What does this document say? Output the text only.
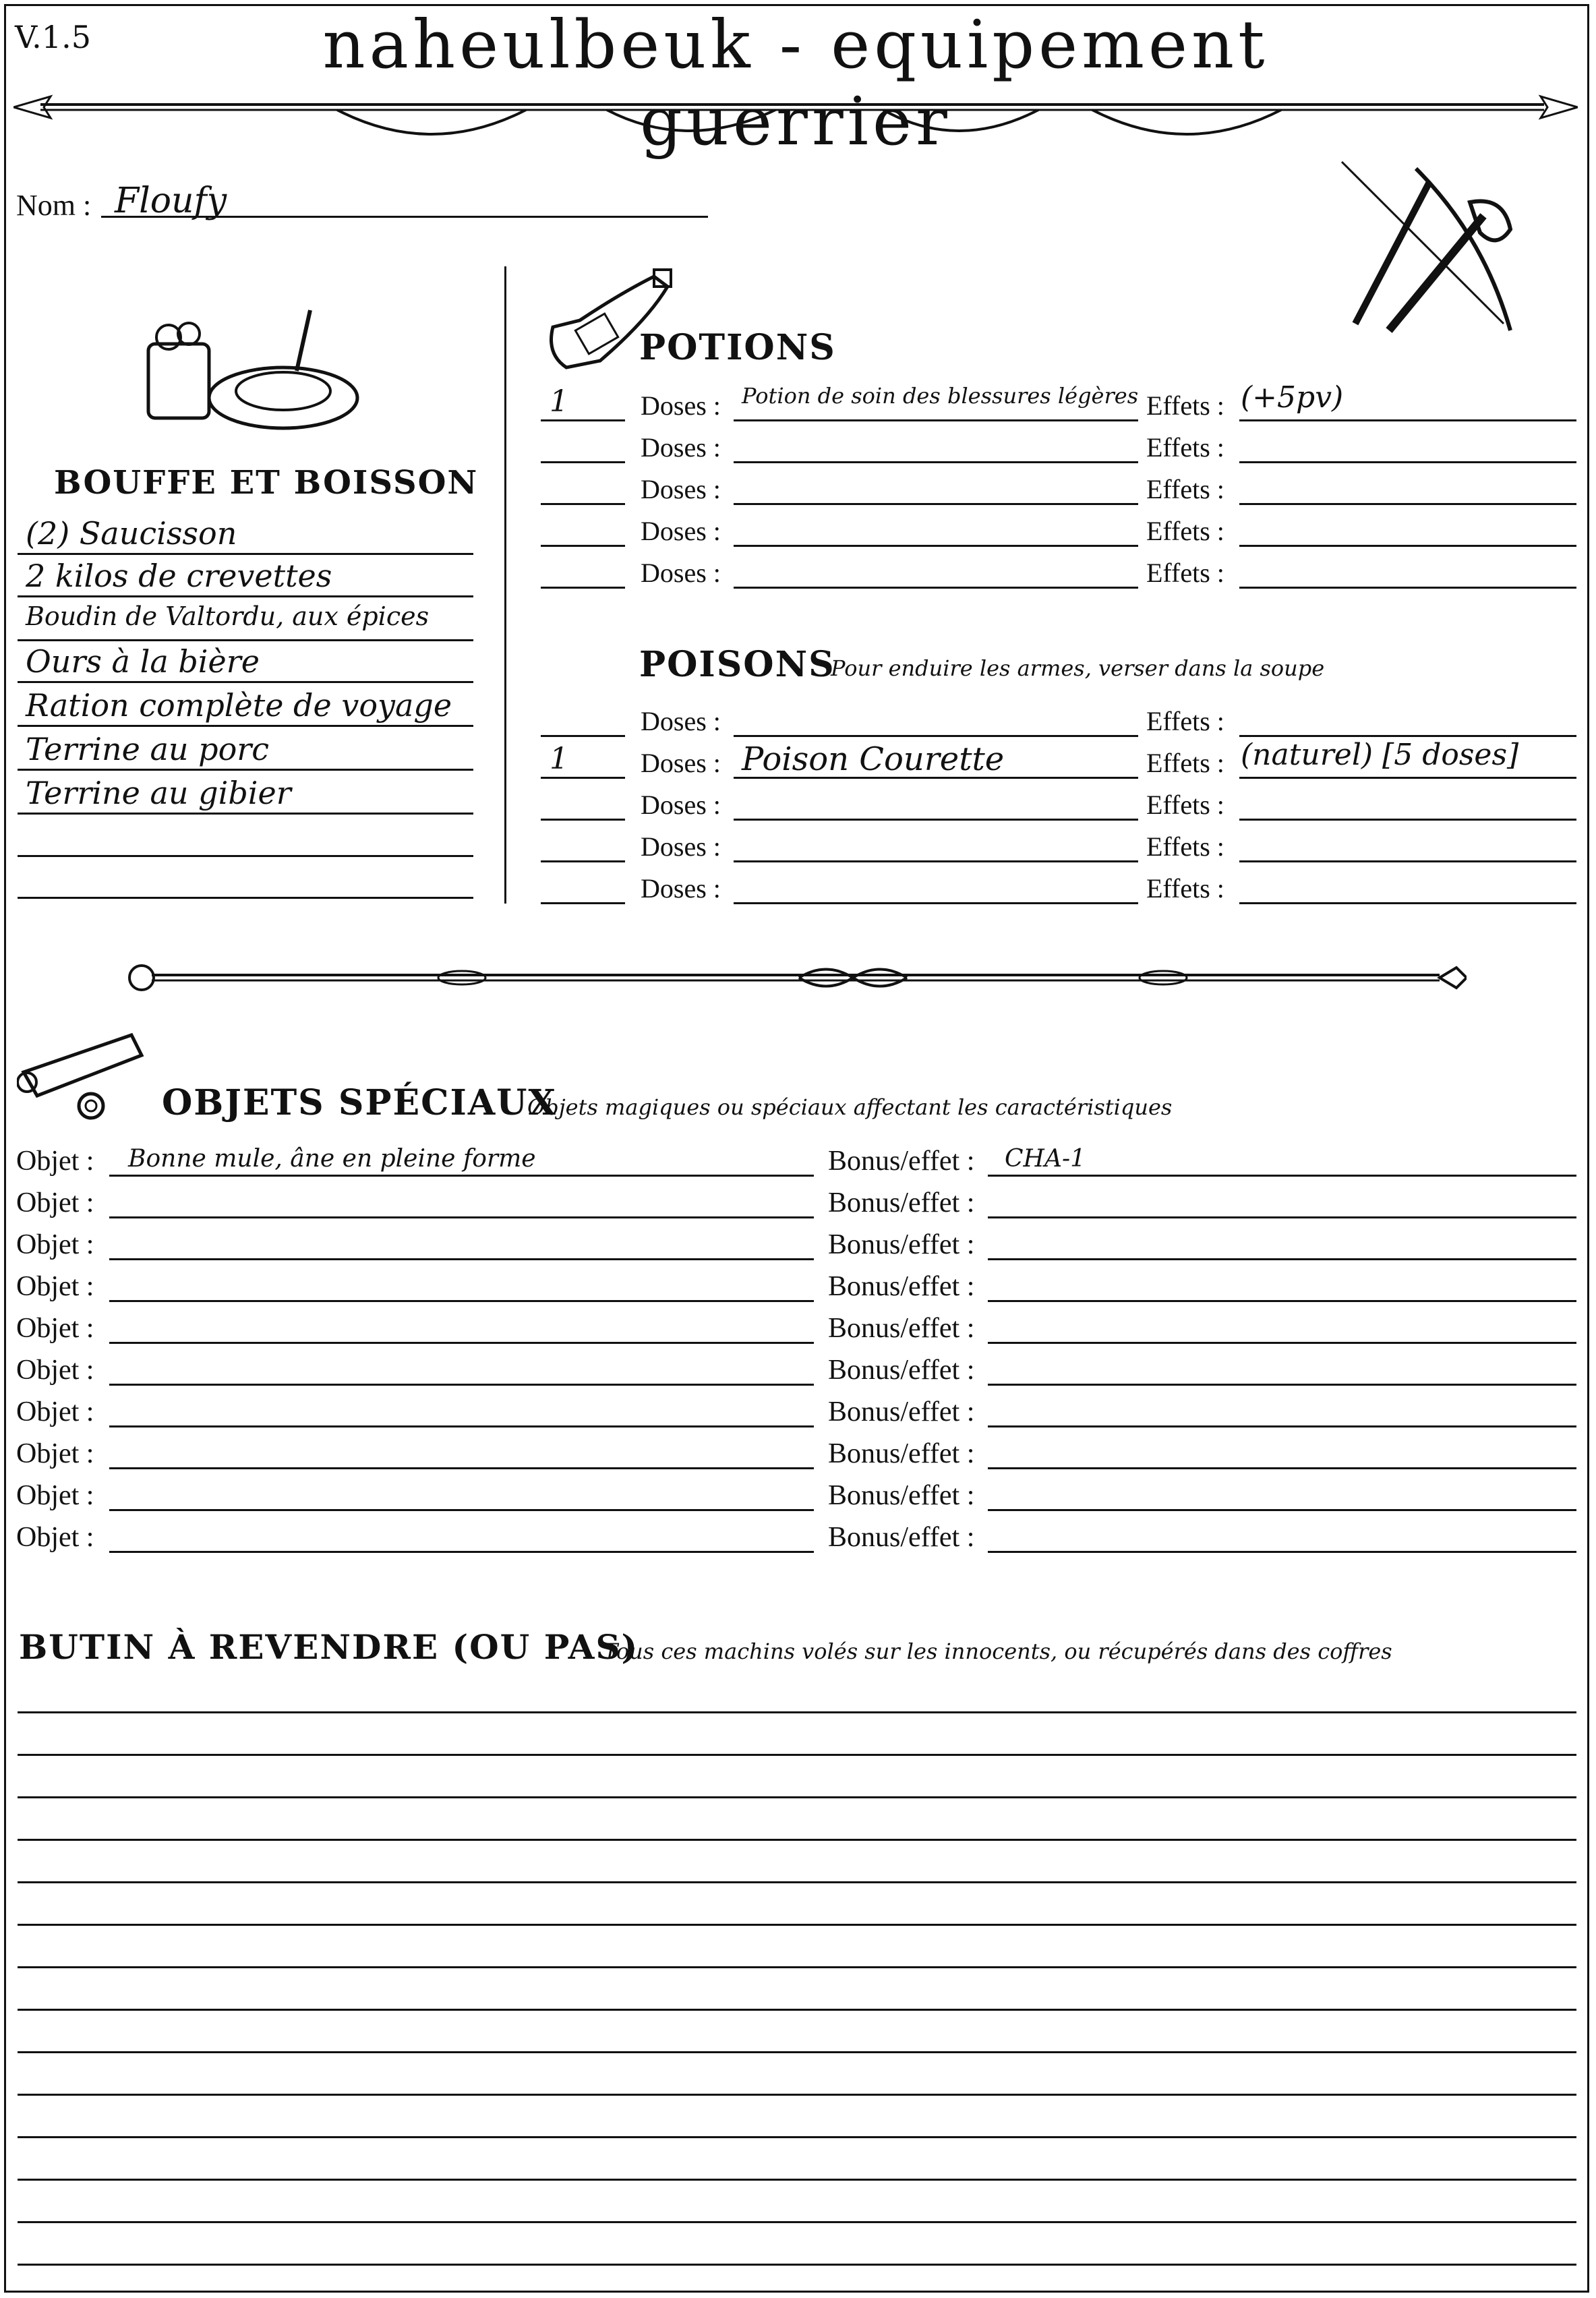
V.1.5	naheulbeuk - equipement guerrier
Nom : Floufy
BOUFFE ET BOISSON
(2) Saucisson
2 kilos de crevettes
Boudin de Valtordu, aux épices
Ours à la bière
Ration complète de voyage
Terrine au porc
Terrine au gibier
POTIONS
1	Doses : Potion de soin des blessures légères Effets : (+5pv)
Doses :	Effets :
Doses :	Effets :
Doses :	Effets :
Doses :	Effets :
POISONS
Pour enduire les armes, verser dans la soupe
Doses :	Effets :
1	Doses : Poison Courette	Effets : (naturel) [5 doses]
Doses :	Effets :
Doses :	Effets :
Doses :	Effets :
OBJETS SPÉCIAUX
Objets magiques ou spéciaux affectant les caractéristiques
Objet : Bonne mule, âne en pleine forme	Bonus/effet : CHA-1
Objet :	Bonus/effet :
Objet :	Bonus/effet :
Objet :	Bonus/effet :
Objet :	Bonus/effet :
Objet :	Bonus/effet :
Objet :	Bonus/effet :
Objet :	Bonus/effet :
Objet :	Bonus/effet :
Objet :	Bonus/effet :
BUTIN À REVENDRE (OU PAS)
Tous ces machins volés sur les innocents, ou récupérés dans des coffres
